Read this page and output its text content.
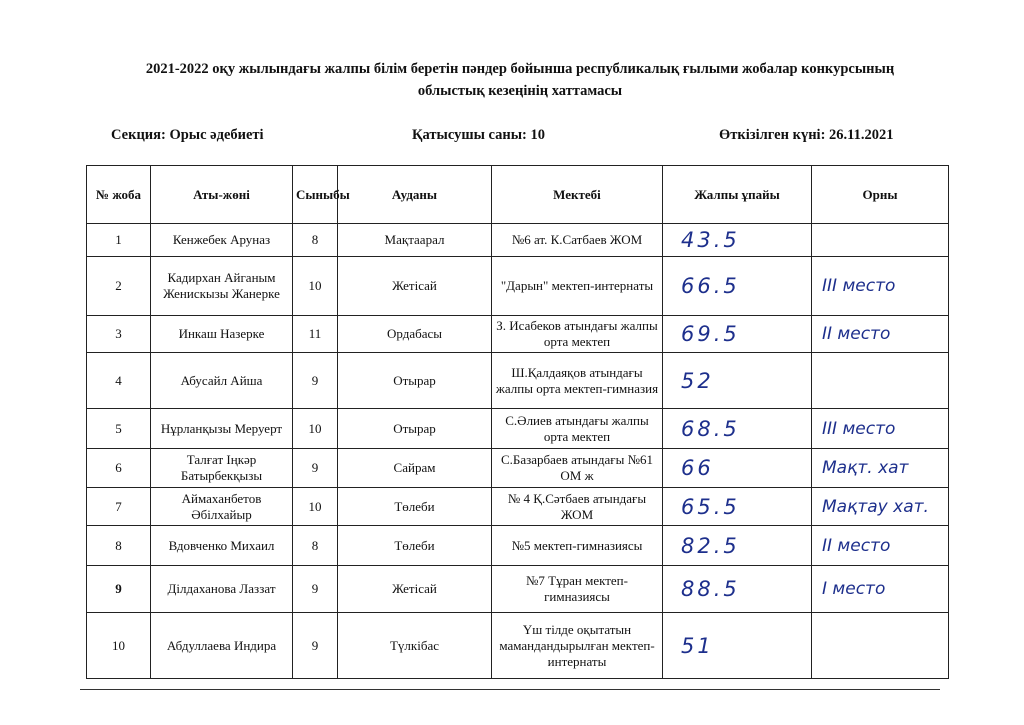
2021-2022 оқу жылындағы жалпы білім беретін пәндер бойынша республикалық ғылыми жобалар конкурсының
облыстық кезеңінің хаттамасы
Секция: Орыс әдебиеті	Қатысушы саны: 10	Өткізілген күні: 26.11.2021
№ жоба	Аты-жөні	Сыныбы	Ауданы	Мектебі	Жалпы ұпайы	Орны
1	Кенжебек Аруназ	8	Мақтаарал	№6 ат. К.Сатбаев ЖОМ	43.5	
2	Кадирхан Айганым Женискызы Жанерке	10	Жетісай	"Дарын" мектеп-интернаты	66.5	III место
3	Инкаш Назерке	11	Ордабасы	З. Исабеков атындағы жалпы орта мектеп	69.5	II место
4	Абусайл Айша	9	Отырар	Ш.Қалдаяқов атындағы жалпы орта мектеп-гимназия	52	
5	Нұрланқызы Меруерт	10	Отырар	С.Әлиев атындағы жалпы орта мектеп	68.5	III место
6	Талғат Іңкәр Батырбекқызы	9	Сайрам	С.Базарбаев атындағы №61 ОМ ж	66	Мақт. хат
7	Аймаханбетов Әбілхайыр	10	Төлеби	№ 4 Қ.Сәтбаев атындағы ЖОМ	65.5	Мақтау хат.
8	Вдовченко Михаил	8	Төлеби	№5 мектеп-гимназиясы	82.5	II место
9	Ділдаханова Лаззат	9	Жетісай	№7 Тұран мектеп-гимназиясы	88.5	I место
10	Абдуллаева Индира	9	Түлкібас	Үш тілде оқытатын мамандандырылған мектеп-интернаты	51	
